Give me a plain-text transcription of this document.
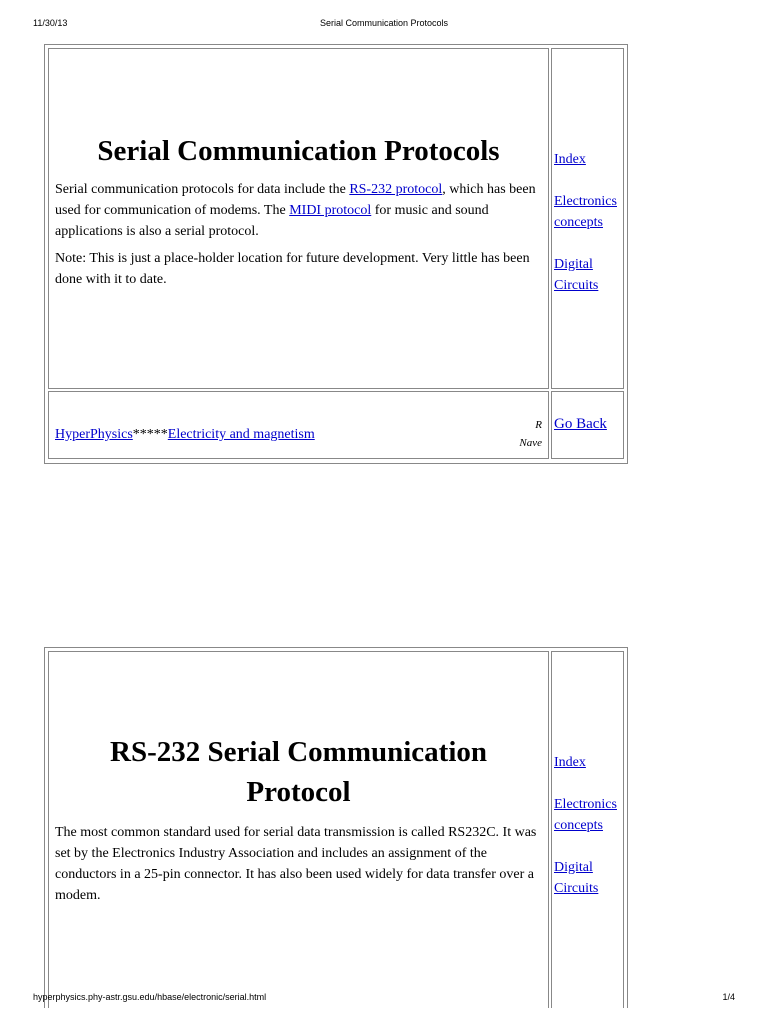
11/30/13	Serial Communication Protocols
Serial Communication Protocols

Serial communication protocols for data include the RS-232 protocol, which has been used for communication of modems. The MIDI protocol for music and sound applications is also a serial protocol.

Note: This is just a place-holder location for future development. Very little has been done with it to date.

Index
Electronics concepts
Digital Circuits
HyperPhysics*****Electricity and magnetism
R
Nave
Go Back
RS-232 Serial Communication Protocol

The most common standard used for serial data transmission is called RS232C. It was set by the Electronics Industry Association and includes an assignment of the conductors in a 25-pin connector. It has also been used widely for data transfer over a modem.

Index
Electronics concepts
Digital Circuits
hyperphysics.phy-astr.gsu.edu/hbase/electronic/serial.html	1/4
